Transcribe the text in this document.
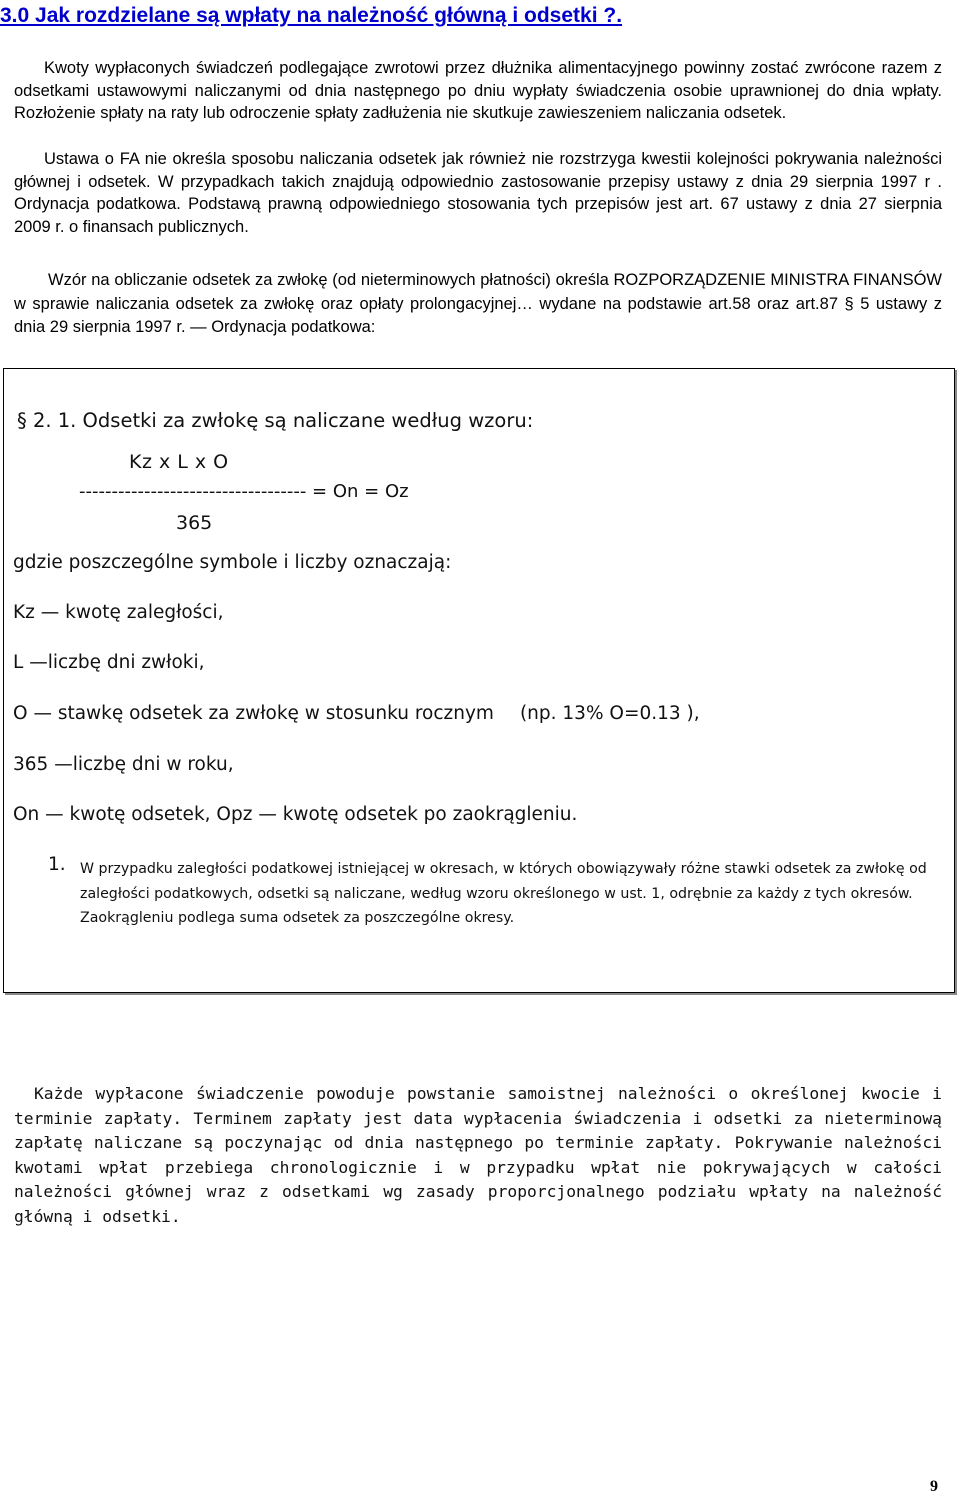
3.0 Jak rozdzielane są wpłaty na należność główną i odsetki ?.
Kwoty wypłaconych świadczeń podlegające zwrotowi przez dłużnika alimentacyjnego powinny zostać zwrócone razem z odsetkami ustawowymi naliczanymi od dnia następnego po dniu wypłaty świadczenia osobie uprawnionej do dnia wpłaty. Rozłożenie spłaty na raty lub odroczenie spłaty zadłużenia nie skutkuje zawieszeniem naliczania odsetek.
Ustawa o FA nie określa sposobu naliczania odsetek jak również nie rozstrzyga kwestii kolejności pokrywania należności głównej i odsetek. W przypadkach takich znajdują odpowiednio zastosowanie przepisy ustawy z dnia 29 sierpnia 1997 r . Ordynacja podatkowa. Podstawą prawną odpowiedniego stosowania tych przepisów jest art. 67 ustawy z dnia 27 sierpnia 2009 r. o finansach publicznych.
Wzór na obliczanie odsetek za zwłokę (od nieterminowych płatności) określa ROZPORZĄDZENIE MINISTRA FINANSÓW w sprawie naliczania odsetek za zwłokę oraz opłaty prolongacyjnej… wydane na podstawie art.58 oraz art.87 § 5 ustawy z dnia 29 sierpnia 1997 r. — Ordynacja podatkowa:
§ 2. 1. Odsetki za zwłokę są naliczane według wzoru:
Kz x L x O
----------------------------------- = On = Oz
365
gdzie poszczególne symbole i liczby oznaczają:
Kz — kwotę zaległości,
L —liczbę dni zwłoki,
O — stawkę odsetek za zwłokę w stosunku rocznym (np. 13% O=0.13 ),
365 —liczbę dni w roku,
On — kwotę odsetek, Opz — kwotę odsetek po zaokrągleniu.
1. W przypadku zaległości podatkowej istniejącej w okresach, w których obowiązywały różne stawki odsetek za zwłokę od zaległości podatkowych, odsetki są naliczane, według wzoru określonego w ust. 1, odrębnie za każdy z tych okresów. Zaokrągleniu podlega suma odsetek za poszczególne okresy.
Każde wypłacone świadczenie powoduje powstanie samoistnej należności o określonej kwocie i terminie zapłaty. Terminem zapłaty jest data wypłacenia świadczenia i odsetki za nieterminową zapłatę naliczane są poczynając od dnia następnego po terminie zapłaty. Pokrywanie należności kwotami wpłat przebiega chronologicznie i w przypadku wpłat nie pokrywających w całości należności głównej wraz z odsetkami wg zasady proporcjonalnego podziału wpłaty na należność główną i odsetki.
9
